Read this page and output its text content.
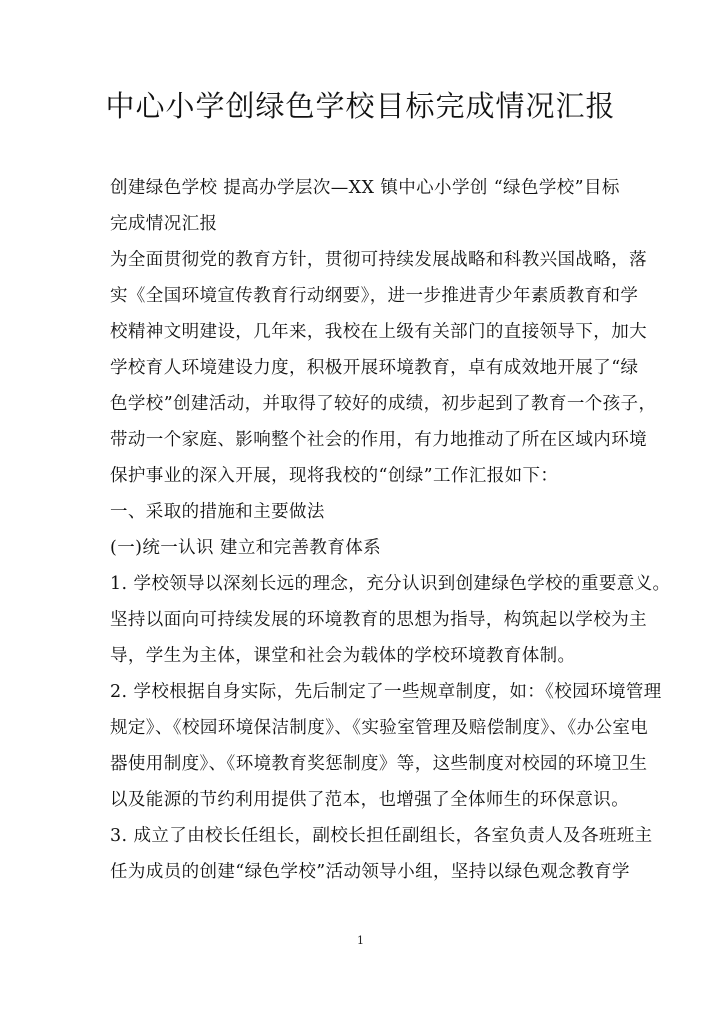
中心小学创绿色学校目标完成情况汇报
创建绿色学校 提高办学层次—XX 镇中心小学创 “绿色学校”目标
完成情况汇报
为全面贯彻党的教育方针，贯彻可持续发展战略和科教兴国战略，落
实《全国环境宣传教育行动纲要》，进一步推进青少年素质教育和学
校精神文明建设，几年来，我校在上级有关部门的直接领导下，加大
学校育人环境建设力度，积极开展环境教育，卓有成效地开展了“绿
色学校”创建活动，并取得了较好的成绩，初步起到了教育一个孩子，
带动一个家庭、影响整个社会的作用，有力地推动了所在区域内环境
保护事业的深入开展，现将我校的“创绿”工作汇报如下：
一、采取的措施和主要做法
(一)统一认识 建立和完善教育体系
1. 学校领导以深刻长远的理念，充分认识到创建绿色学校的重要意义。
坚持以面向可持续发展的环境教育的思想为指导，构筑起以学校为主
导，学生为主体，课堂和社会为载体的学校环境教育体制。
2. 学校根据自身实际，先后制定了一些规章制度，如：《校园环境管理
规定》、《校园环境保洁制度》、《实验室管理及赔偿制度》、《办公室电
器使用制度》、《环境教育奖惩制度》等，这些制度对校园的环境卫生
以及能源的节约利用提供了范本，也增强了全体师生的环保意识。
3. 成立了由校长任组长，副校长担任副组长，各室负责人及各班班主
任为成员的创建“绿色学校”活动领导小组，坚持以绿色观念教育学
1
